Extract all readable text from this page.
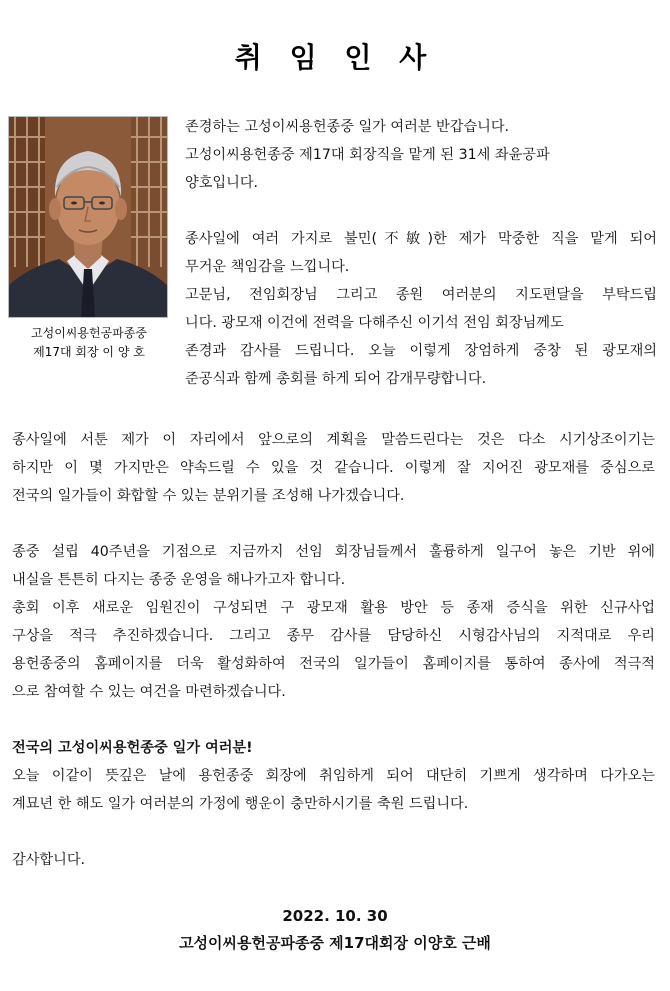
취 임 인 사
고성이씨용헌공파종중
제17대 회장 이 양 호

존경하는 고성이씨용헌종중 일가 여러분 반갑습니다.
고성이씨용헌종중 제17대 회장직을 맡게 된 31세 좌윤공파
양호입니다.

종사일에 여러 가지로 불민(不敏)한 제가 막중한 직을 맡게 되어
무거운 책임감을 느낍니다.
고문님, 전임회장님 그리고 종원 여러분의 지도편달을 부탁드립
니다. 광모재 이건에 전력을 다해주신 이기석 전임 회장님께도
존경과 감사를 드립니다. 오늘 이렇게 장엄하게 중창 된 광모재의
준공식과 함께 총회를 하게 되어 감개무량합니다.

종사일에 서툰 제가 이 자리에서 앞으로의 계획을 말씀드린다는 것은 다소 시기상조이기는
하지만 이 몇 가지만은 약속드릴 수 있을 것 같습니다. 이렇게 잘 지어진 광모재를 중심으로
전국의 일가들이 화합할 수 있는 분위기를 조성해 나가겠습니다.

종중 설립 40주년을 기점으로 지금까지 선임 회장님들께서 훌륭하게 일구어 놓은 기반 위에
내실을 튼튼히 다지는 종중 운영을 해나가고자 합니다.
총회 이후 새로운 임원진이 구성되면 구 광모재 활용 방안 등 종재 증식을 위한 신규사업
구상을 적극 추진하겠습니다. 그리고 종무 감사를 담당하신 시형감사님의 지적대로 우리
용헌종중의 홈페이지를 더욱 활성화하여 전국의 일가들이 홈페이지를 통하여 종사에 적극적
으로 참여할 수 있는 여건을 마련하겠습니다.

전국의 고성이씨용헌종중 일가 여러분!
오늘 이같이 뜻깊은 날에 용헌종중 회장에 취임하게 되어 대단히 기쁘게 생각하며 다가오는
계묘년 한 해도 일가 여러분의 가정에 행운이 충만하시기를 축원 드립니다.

감사합니다.

2022. 10. 30
고성이씨용헌공파종중 제17대회장 이양호 근배
